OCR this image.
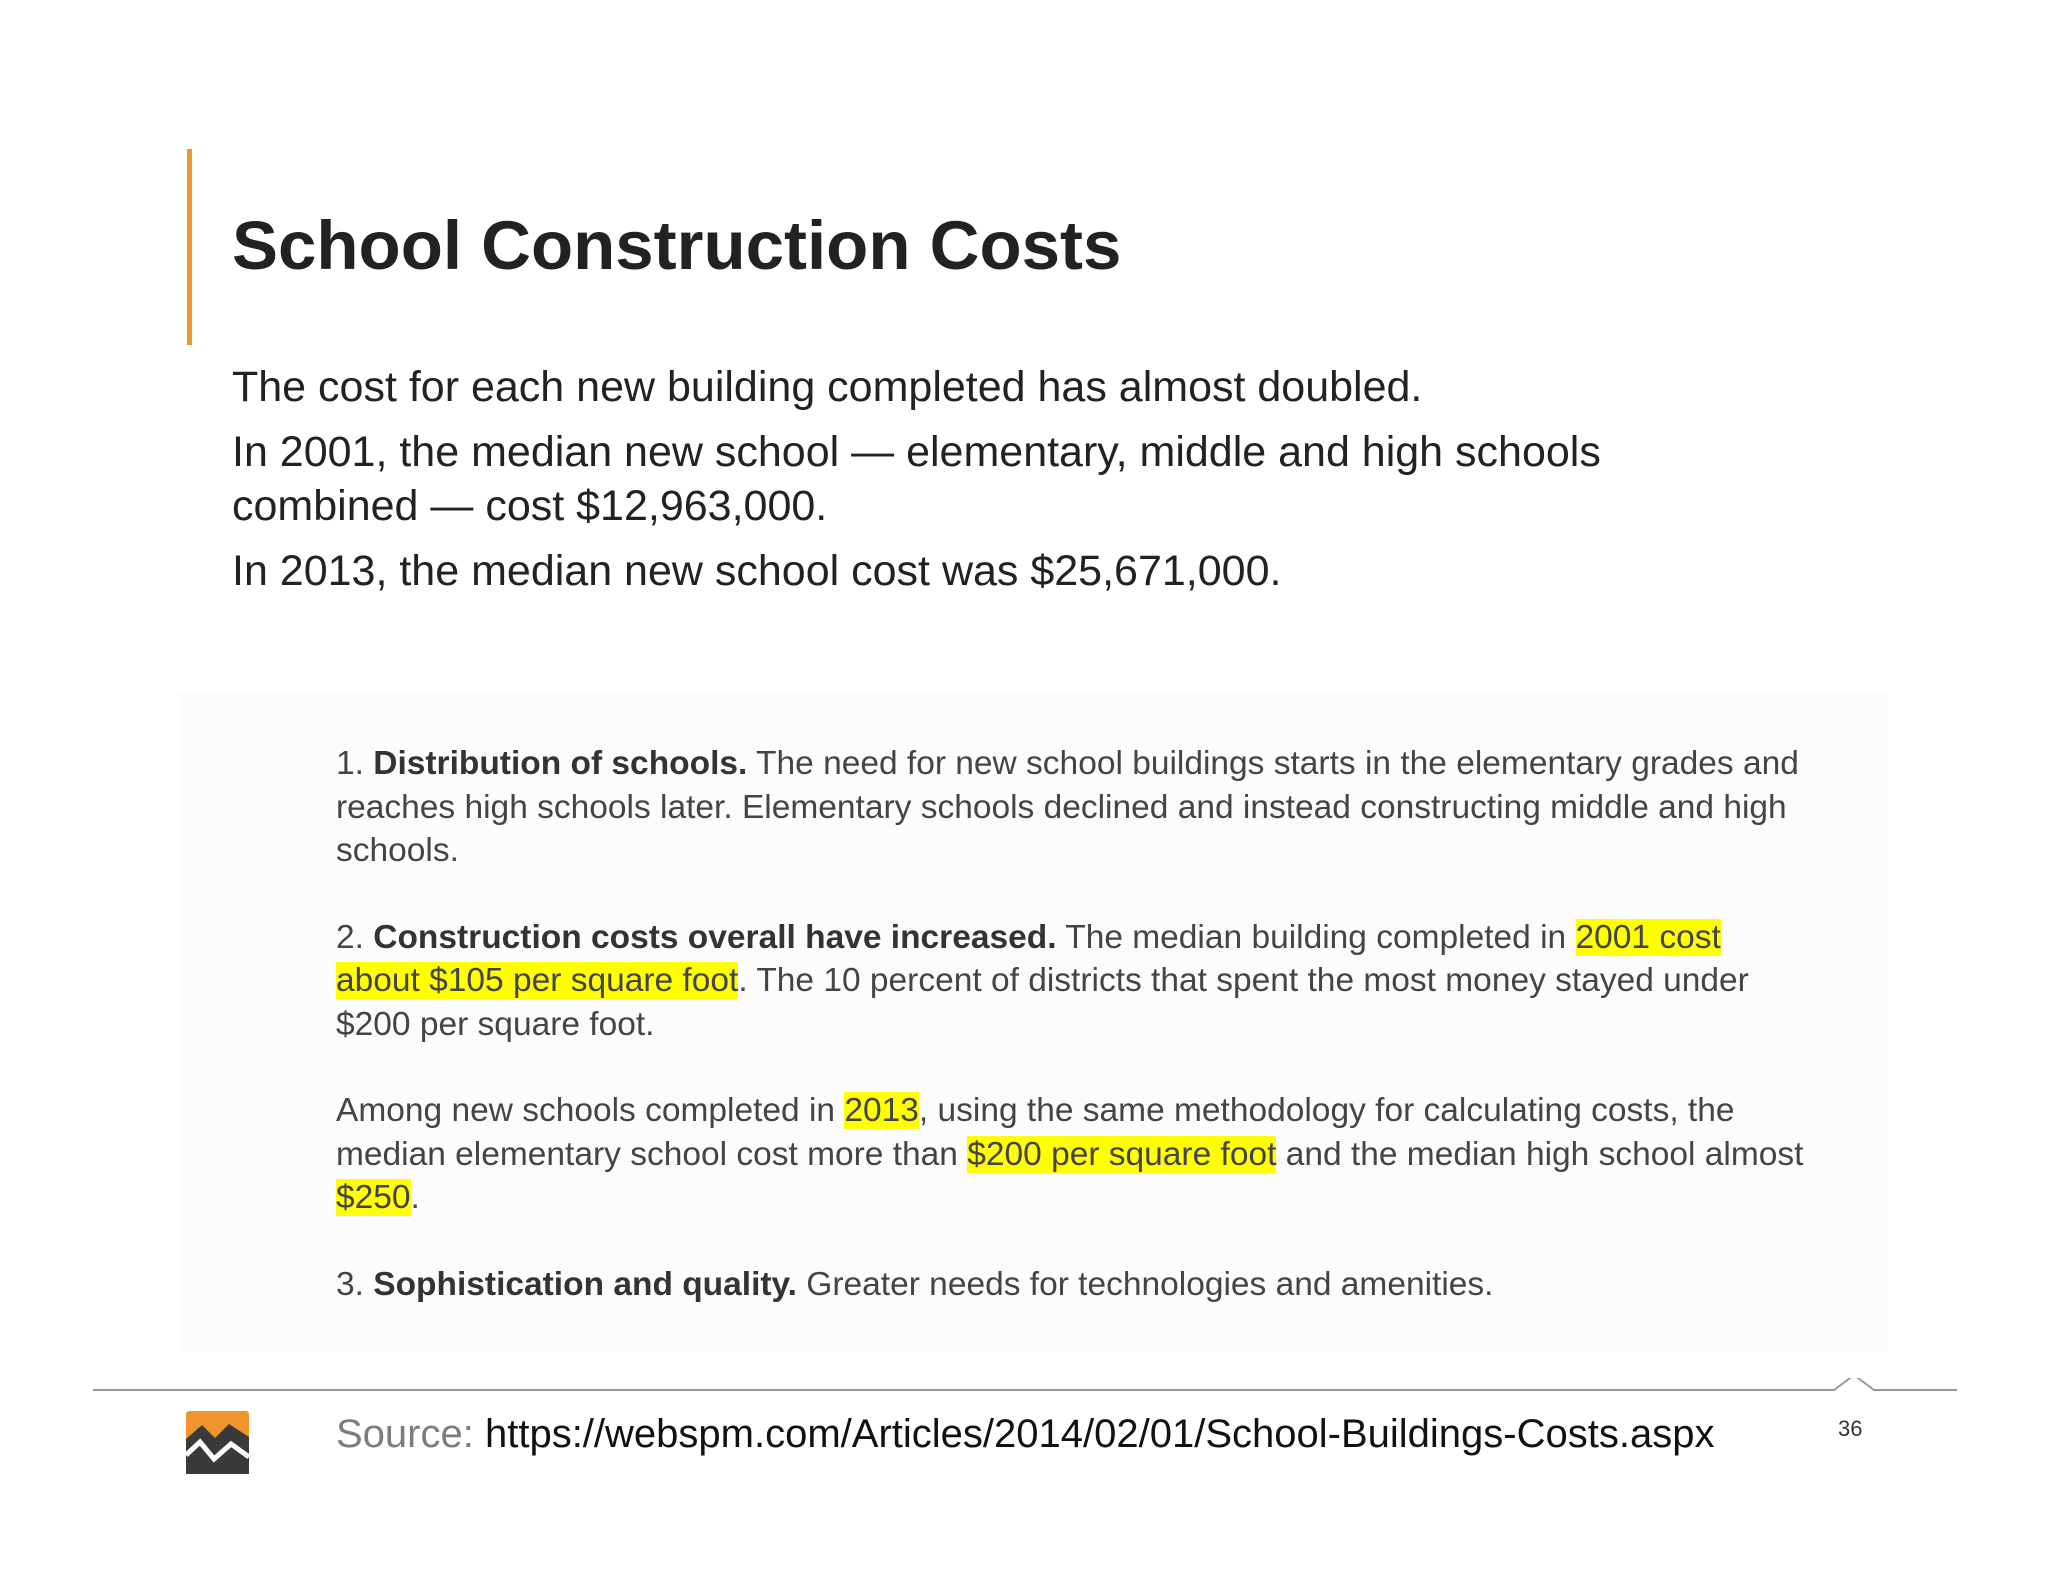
School Construction Costs

The cost for each new building completed has almost doubled.

In 2001, the median new school — elementary, middle and high schools combined — cost $12,963,000.

In 2013, the median new school cost was $25,671,000.

1. Distribution of schools. The need for new school buildings starts in the elementary grades and reaches high schools later. Elementary schools declined and instead constructing middle and high schools.

2. Construction costs overall have increased. The median building completed in 2001 cost about $105 per square foot. The 10 percent of districts that spent the most money stayed under $200 per square foot.

Among new schools completed in 2013, using the same methodology for calculating costs, the median elementary school cost more than $200 per square foot and the median high school almost $250.

3. Sophistication and quality. Greater needs for technologies and amenities.

Source: https://webspm.com/Articles/2014/02/01/School-Buildings-Costs.aspx	36
